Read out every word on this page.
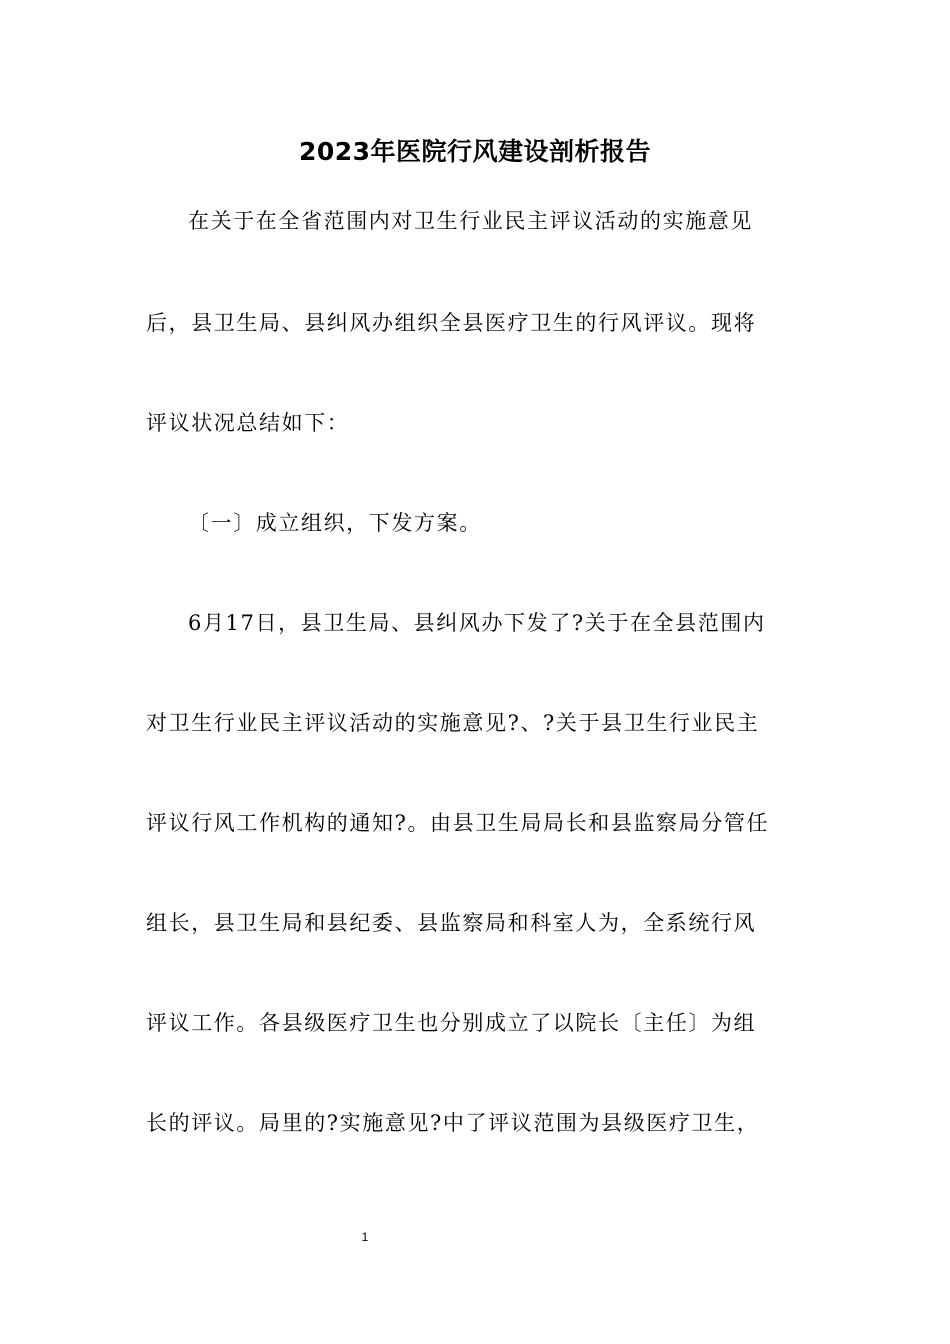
2023年医院行风建设剖析报告
在关于在全省范围内对卫生行业民主评议活动的实施意见
后，县卫生局、县纠风办组织全县医疗卫生的行风评议。现将
评议状况总结如下：
〔一〕成立组织，下发方案。
6月17日，县卫生局、县纠风办下发了?关于在全县范围内
对卫生行业民主评议活动的实施意见?、?关于县卫生行业民主
评议行风工作机构的通知?。由县卫生局局长和县监察局分管任
组长，县卫生局和县纪委、县监察局和科室人为，全系统行风
评议工作。各县级医疗卫生也分别成立了以院长〔主任〕为组
长的评议。局里的?实施意见?中了评议范围为县级医疗卫生，
1
